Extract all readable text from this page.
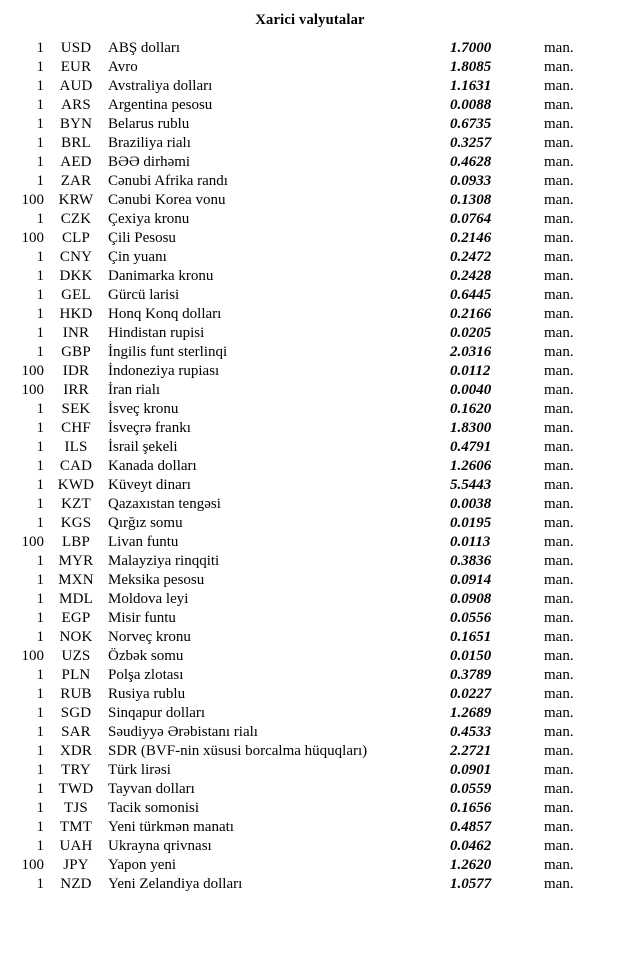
Xarici valyutalar
1	USD	ABŞ dolları	1.7000	man.
1	EUR	Avro	1.8085	man.
1	AUD	Avstraliya dolları	1.1631	man.
1	ARS	Argentina pesosu	0.0088	man.
1	BYN	Belarus rublu	0.6735	man.
1	BRL	Braziliya rialı	0.3257	man.
1	AED	BƏƏ dirhəmi	0.4628	man.
1	ZAR	Cənubi Afrika randı	0.0933	man.
100	KRW	Cənubi Korea vonu	0.1308	man.
1	CZK	Çexiya kronu	0.0764	man.
100	CLP	Çili Pesosu	0.2146	man.
1	CNY	Çin yuanı	0.2472	man.
1	DKK	Danimarka kronu	0.2428	man.
1	GEL	Gürcü larisi	0.6445	man.
1	HKD	Honq Konq dolları	0.2166	man.
1	INR	Hindistan rupisi	0.0205	man.
1	GBP	İngilis funt sterlinqi	2.0316	man.
100	IDR	İndoneziya rupiası	0.0112	man.
100	IRR	İran rialı	0.0040	man.
1	SEK	İsveç kronu	0.1620	man.
1	CHF	İsveçrə frankı	1.8300	man.
1	ILS	İsrail şekeli	0.4791	man.
1	CAD	Kanada dolları	1.2606	man.
1	KWD	Küveyt dinarı	5.5443	man.
1	KZT	Qazaxıstan tengəsi	0.0038	man.
1	KGS	Qırğız somu	0.0195	man.
100	LBP	Livan funtu	0.0113	man.
1	MYR	Malayziya rinqqiti	0.3836	man.
1	MXN	Meksika pesosu	0.0914	man.
1	MDL	Moldova leyi	0.0908	man.
1	EGP	Misir funtu	0.0556	man.
1	NOK	Norveç kronu	0.1651	man.
100	UZS	Özbək somu	0.0150	man.
1	PLN	Polşa zlotası	0.3789	man.
1	RUB	Rusiya rublu	0.0227	man.
1	SGD	Sinqapur dolları	1.2689	man.
1	SAR	Səudiyyə Ərəbistanı rialı	0.4533	man.
1	XDR	SDR (BVF-nin xüsusi borcalma hüquqları)	2.2721	man.
1	TRY	Türk lirəsi	0.0901	man.
1	TWD	Tayvan dolları	0.0559	man.
1	TJS	Tacik somonisi	0.1656	man.
1	TMT	Yeni türkmən manatı	0.4857	man.
1	UAH	Ukrayna qrivnası	0.0462	man.
100	JPY	Yapon yeni	1.2620	man.
1	NZD	Yeni Zelandiya dolları	1.0577	man.
